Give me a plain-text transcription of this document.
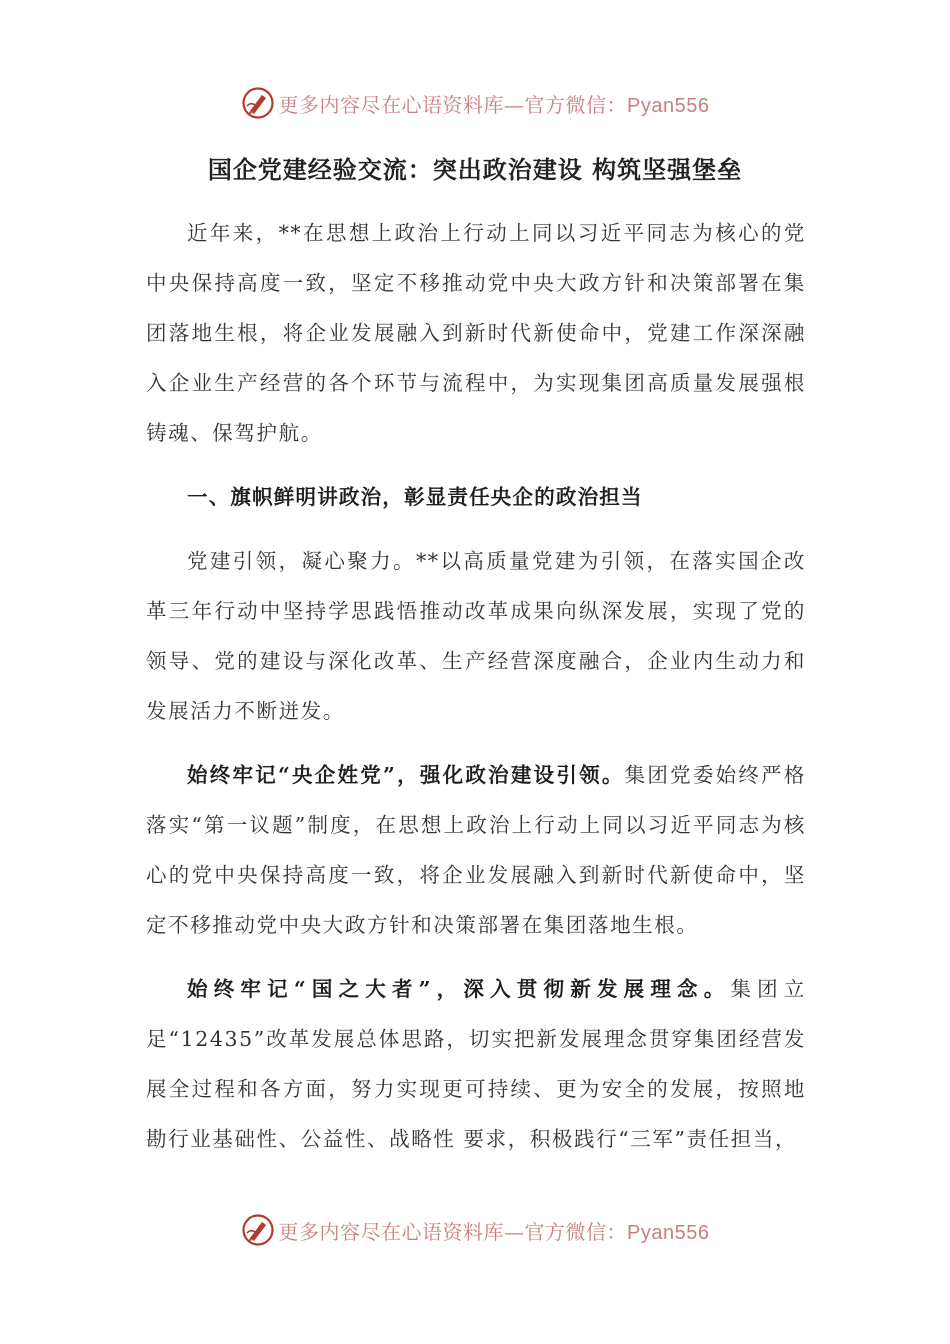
更多内容尽在心语资料库—官方微信：Pyan556
国企党建经验交流：突出政治建设 构筑坚强堡垒

近年来，**在思想上政治上行动上同以习近平同志为核心的党中央保持高度一致，坚定不移推动党中央大政方针和决策部署在集团落地生根，将企业发展融入到新时代新使命中，党建工作深深融入企业生产经营的各个环节与流程中，为实现集团高质量发展强根铸魂、保驾护航。

一、旗帜鲜明讲政治，彰显责任央企的政治担当

党建引领，凝心聚力。**以高质量党建为引领，在落实国企改革三年行动中坚持学思践悟推动改革成果向纵深发展，实现了党的领导、党的建设与深化改革、生产经营深度融合，企业内生动力和发展活力不断迸发。

始终牢记“央企姓党”，强化政治建设引领。集团党委始终严格落实“第一议题”制度，在思想上政治上行动上同以习近平同志为核心的党中央保持高度一致，将企业发展融入到新时代新使命中，坚定不移推动党中央大政方针和决策部署在集团落地生根。

始终牢记“国之大者”，深入贯彻新发展理念。集团立足“12435”改革发展总体思路，切实把新发展理念贯穿集团经营发展全过程和各方面，努力实现更可持续、更为安全的发展，按照地勘行业基础性、公益性、战略性 要求，积极践行“三军”责任担当，

更多内容尽在心语资料库—官方微信：Pyan556
